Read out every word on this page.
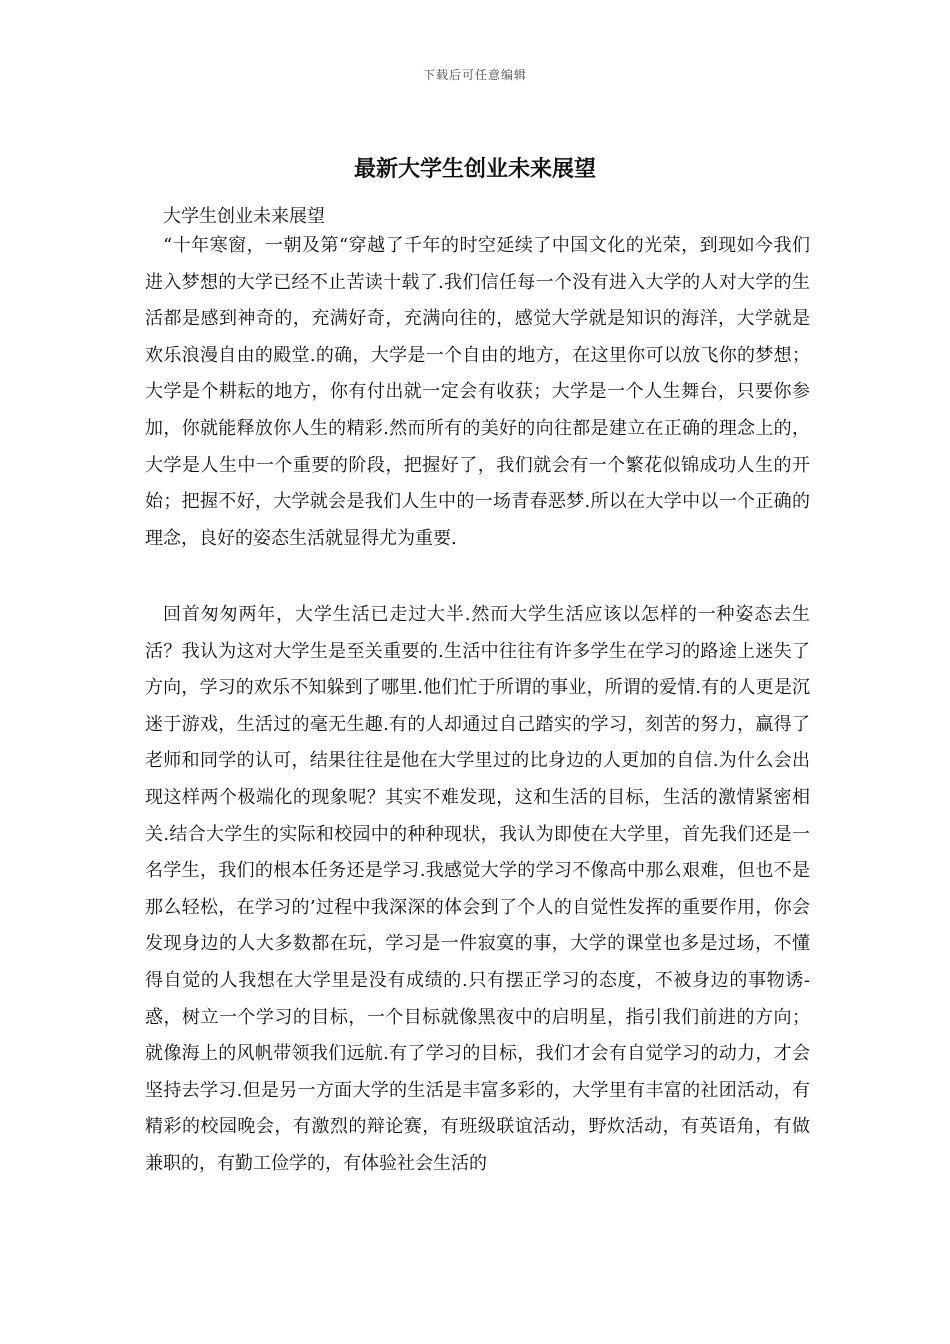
下载后可任意编辑
最新大学生创业未来展望

大学生创业未来展望

“十年寒窗，一朝及第“穿越了千年的时空延续了中国文化的光荣，到现如今我们进入梦想的大学已经不止苦读十载了.我们信任每一个没有进入大学的人对大学的生活都是感到神奇的，充满好奇，充满向往的，感觉大学就是知识的海洋，大学就是欢乐浪漫自由的殿堂.的确，大学是一个自由的地方，在这里你可以放飞你的梦想；大学是个耕耘的地方，你有付出就一定会有收获；大学是一个人生舞台，只要你参加，你就能释放你人生的精彩.然而所有的美好的向往都是建立在正确的理念上的，大学是人生中一个重要的阶段，把握好了，我们就会有一个繁花似锦成功人生的开始；把握不好，大学就会是我们人生中的一场青春恶梦.所以在大学中以一个正确的理念，良好的姿态生活就显得尤为重要.

回首匆匆两年，大学生活已走过大半.然而大学生活应该以怎样的一种姿态去生活？我认为这对大学生是至关重要的.生活中往往有许多学生在学习的路途上迷失了方向，学习的欢乐不知躲到了哪里.他们忙于所谓的事业，所谓的爱情.有的人更是沉迷于游戏，生活过的毫无生趣.有的人却通过自己踏实的学习，刻苦的努力，赢得了老师和同学的认可，结果往往是他在大学里过的比身边的人更加的自信.为什么会出现这样两个极端化的现象呢？其实不难发现，这和生活的目标，生活的激情紧密相关.结合大学生的实际和校园中的种种现状，我认为即使在大学里，首先我们还是一名学生，我们的根本任务还是学习.我感觉大学的学习不像高中那么艰难，但也不是那么轻松，在学习的’过程中我深深的体会到了个人的自觉性发挥的重要作用，你会发现身边的人大多数都在玩，学习是一件寂寞的事，大学的课堂也多是过场，不懂得自觉的人我想在大学里是没有成绩的.只有摆正学习的态度，不被身边的事物诱-惑，树立一个学习的目标，一个目标就像黑夜中的启明星，指引我们前进的方向；就像海上的风帆带领我们远航.有了学习的目标，我们才会有自觉学习的动力，才会坚持去学习.但是另一方面大学的生活是丰富多彩的，大学里有丰富的社团活动，有精彩的校园晚会，有激烈的辩论赛，有班级联谊活动，野炊活动，有英语角，有做兼职的，有勤工俭学的，有体验社会生活的
